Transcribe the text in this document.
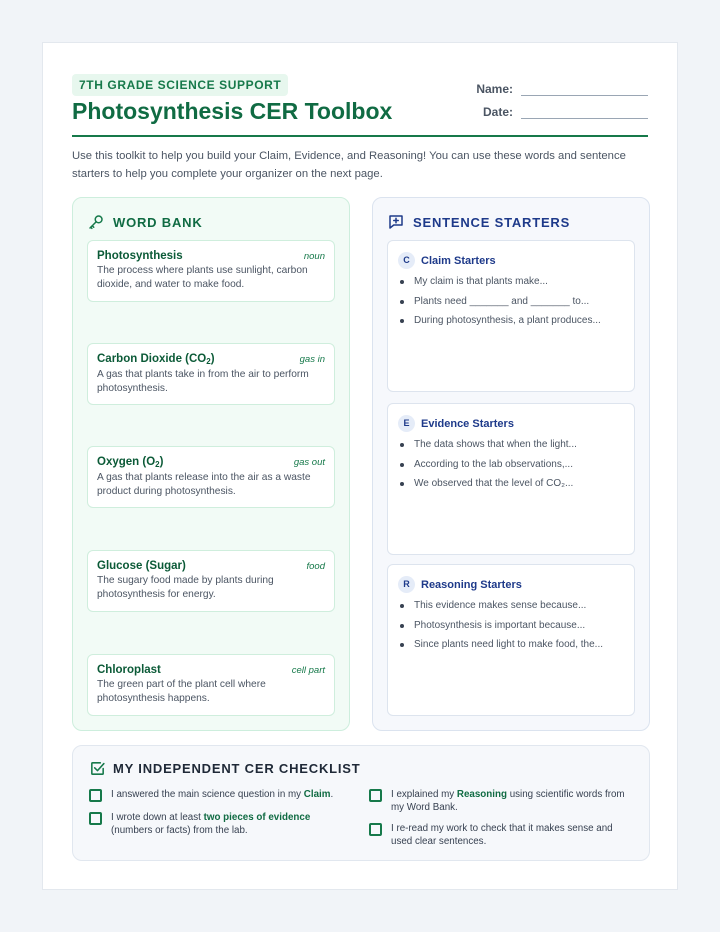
7TH GRADE SCIENCE SUPPORT
Photosynthesis CER Toolbox
Name:
Date:

Use this toolkit to help you build your Claim, Evidence, and Reasoning! You can use these words and sentence starters to help you complete your organizer on the next page.

WORD BANK
Photosynthesis	noun
The process where plants use sunlight, carbon dioxide, and water to make food.
Carbon Dioxide $(CO_2)$	gas in
A gas that plants take in from the air to perform photosynthesis.
Oxygen $(O_2)$	gas out
A gas that plants release into the air as a waste product during photosynthesis.
Glucose (Sugar)	food
The sugary food made by plants during photosynthesis for energy.
Chloroplast	cell part
The green part of the plant cell where photosynthesis happens.
SENTENCE STARTERS
C	Claim Starters
My claim is that plants make...
Plants need _______ and _______ to...
During photosynthesis, a plant produces...
E	Evidence Starters
The data shows that when the light...
According to the lab observations,...
We observed that the level of CO₂...
R	Reasoning Starters
This evidence makes sense because...
Photosynthesis is important because...
Since plants need light to make food, the...
MY INDEPENDENT CER CHECKLIST
I answered the main science question in my Claim.
I wrote down at least two pieces of evidence (numbers or facts) from the lab.
I explained my Reasoning using scientific words from my Word Bank.
I re-read my work to check that it makes sense and used clear sentences.
